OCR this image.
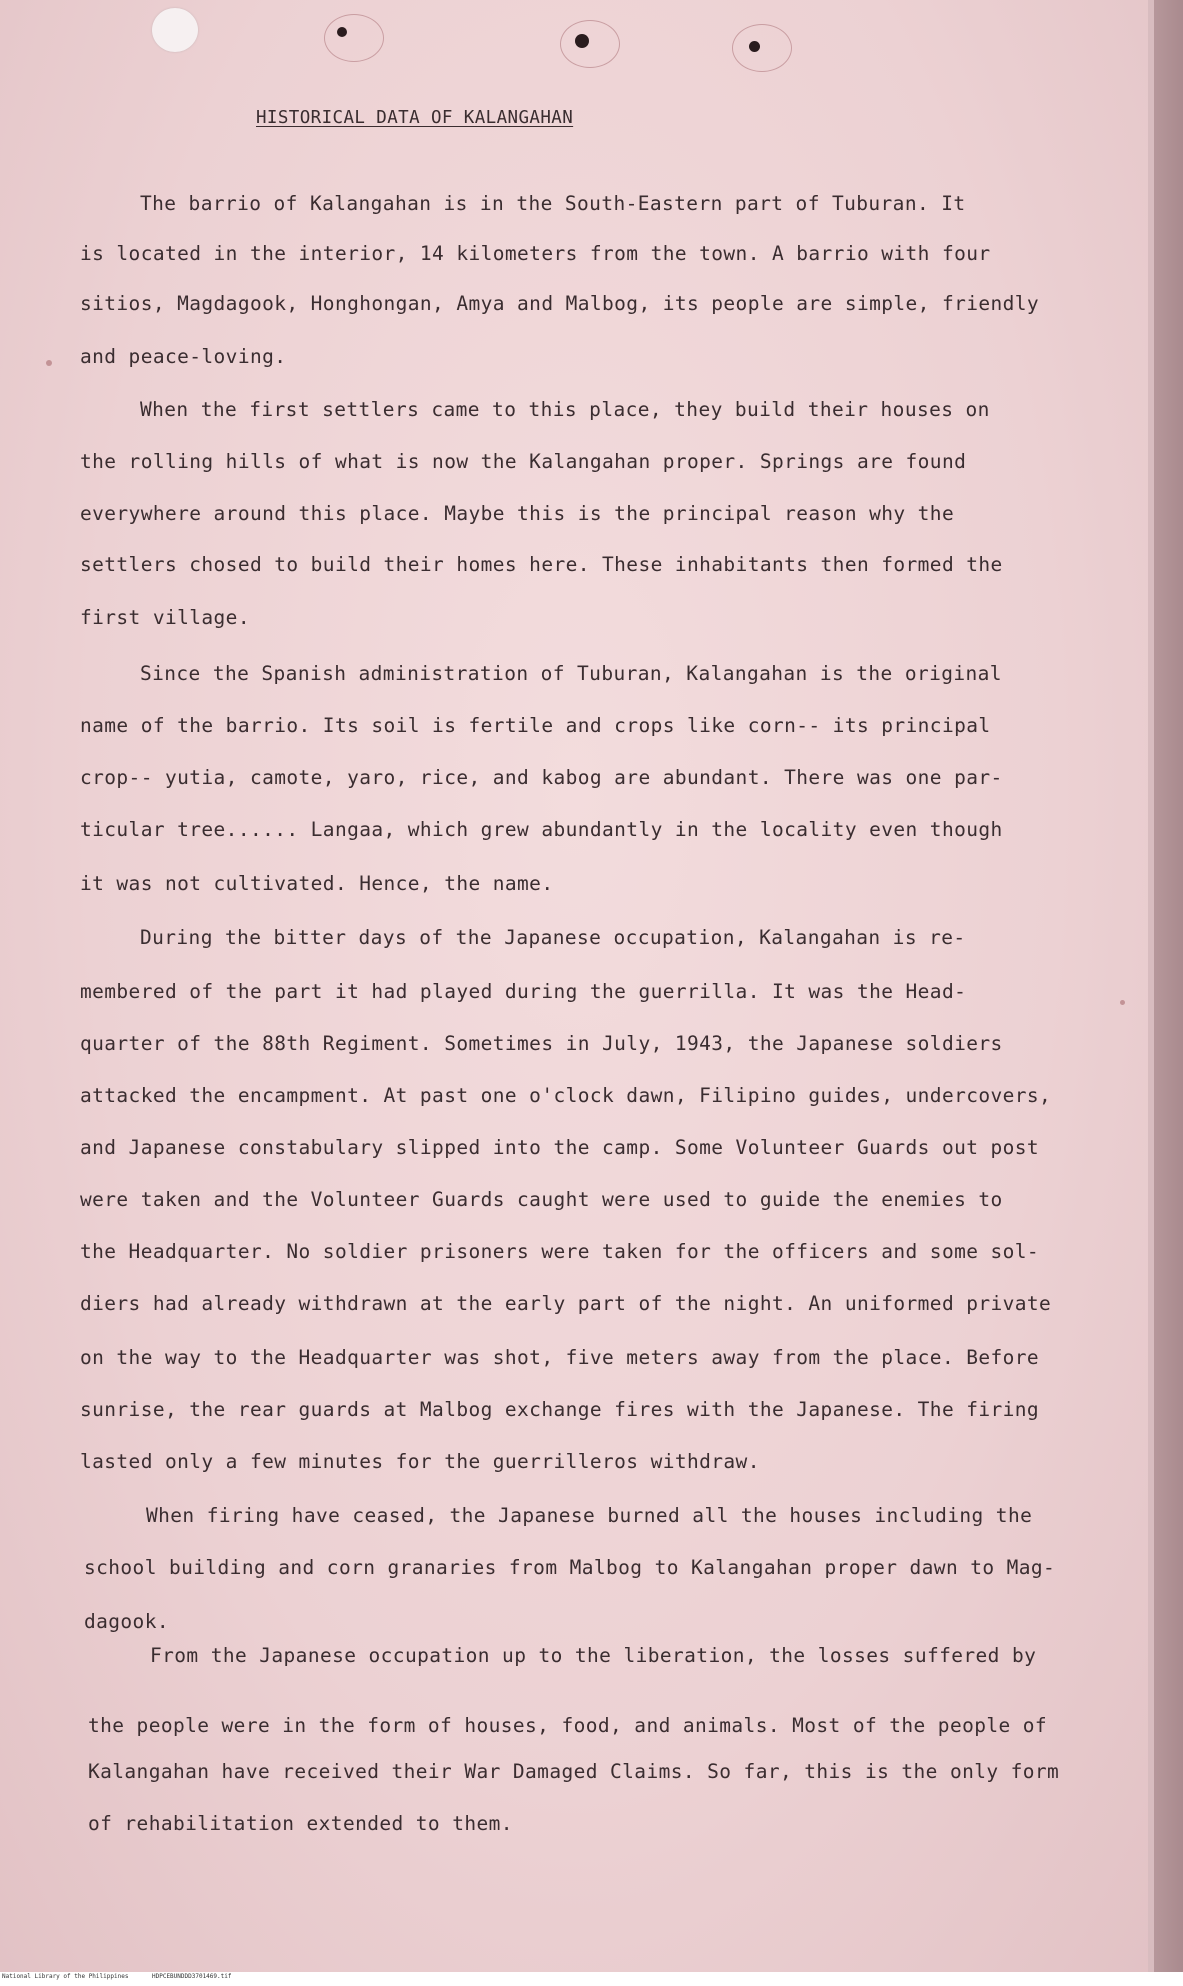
HISTORICAL DATA OF KALANGAHAN
The barrio of Kalangahan is in the South-Eastern part of Tuburan. It
is located in the interior, 14 kilometers from the town. A barrio with four
sitios, Magdagook, Honghongan, Amya and Malbog, its people are simple, friendly
and peace-loving.
When the first settlers came to this place, they build their houses on
the rolling hills of what is now the Kalangahan proper. Springs are found
everywhere around this place. Maybe this is the principal reason why the
settlers chosed to build their homes here. These inhabitants then formed the
first village.
Since the Spanish administration of Tuburan, Kalangahan is the original
name of the barrio. Its soil is fertile and crops like corn-- its principal
crop-- yutia, camote, yaro, rice, and kabog are abundant. There was one par-
ticular tree...... Langaa, which grew abundantly in the locality even though
it was not cultivated. Hence, the name.
During the bitter days of the Japanese occupation, Kalangahan is re-
membered of the part it had played during the guerrilla. It was the Head-
quarter of the 88th Regiment. Sometimes in July, 1943, the Japanese soldiers
attacked the encampment. At past one o'clock dawn, Filipino guides, undercovers,
and Japanese constabulary slipped into the camp. Some Volunteer Guards out post
were taken and the Volunteer Guards caught were used to guide the enemies to
the Headquarter. No soldier prisoners were taken for the officers and some sol-
diers had already withdrawn at the early part of the night. An uniformed private
on the way to the Headquarter was shot, five meters away from the place. Before
sunrise, the rear guards at Malbog exchange fires with the Japanese. The firing
lasted only a few minutes for the guerrilleros withdraw.
When firing have ceased, the Japanese burned all the houses including the
school building and corn granaries from Malbog to Kalangahan proper dawn to Mag-
dagook.
From the Japanese occupation up to the liberation, the losses suffered by
the people were in the form of houses, food, and animals. Most of the people of
Kalangahan have received their War Damaged Claims. So far, this is the only form
of rehabilitation extended to them.
National Library of the Philippines	HDPCEBUNDDD3701469.tif
